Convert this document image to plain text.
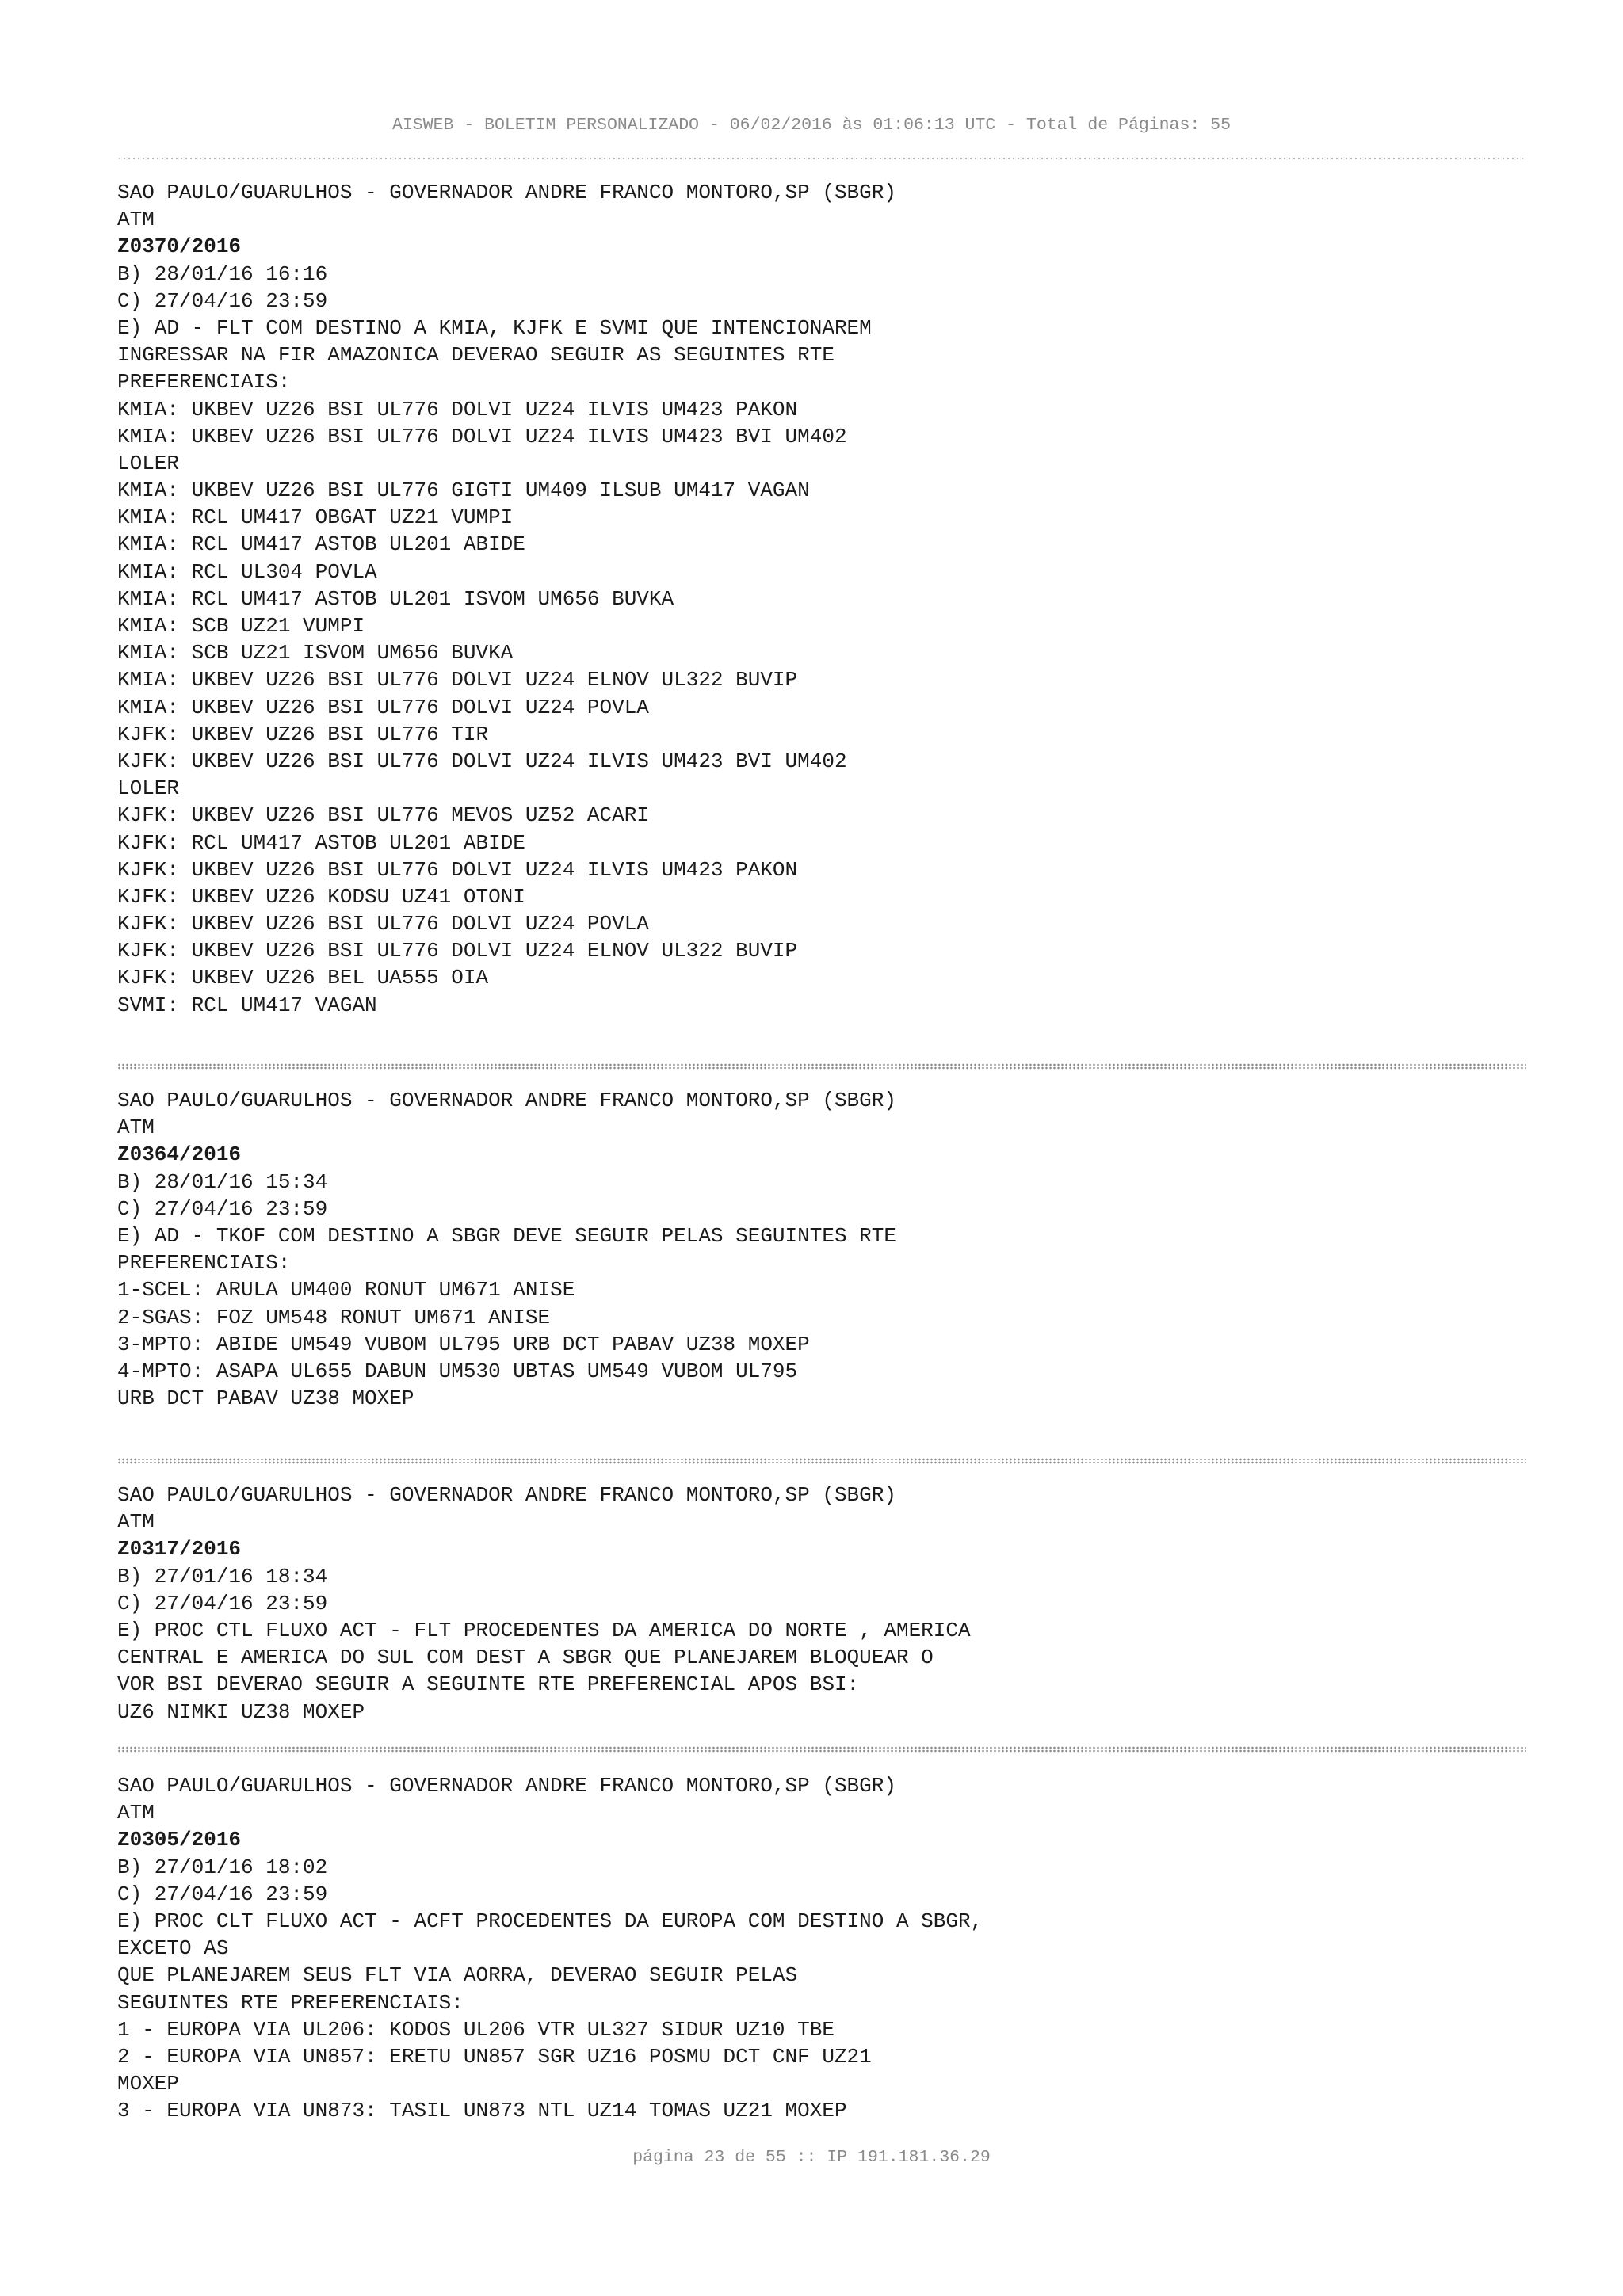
AISWEB - BOLETIM PERSONALIZADO - 06/02/2016 às 01:06:13 UTC - Total de Páginas: 55
SAO PAULO/GUARULHOS - GOVERNADOR ANDRE FRANCO MONTORO,SP (SBGR)
ATM
Z0370/2016
B) 28/01/16 16:16
C) 27/04/16 23:59
E) AD - FLT COM DESTINO A KMIA, KJFK E SVMI QUE INTENCIONAREM
INGRESSAR NA FIR AMAZONICA DEVERAO SEGUIR AS SEGUINTES RTE
PREFERENCIAIS:
KMIA: UKBEV UZ26 BSI UL776 DOLVI UZ24 ILVIS UM423 PAKON
KMIA: UKBEV UZ26 BSI UL776 DOLVI UZ24 ILVIS UM423 BVI UM402
LOLER
KMIA: UKBEV UZ26 BSI UL776 GIGTI UM409 ILSUB UM417 VAGAN
KMIA: RCL UM417 OBGAT UZ21 VUMPI
KMIA: RCL UM417 ASTOB UL201 ABIDE
KMIA: RCL UL304 POVLA
KMIA: RCL UM417 ASTOB UL201 ISVOM UM656 BUVKA
KMIA: SCB UZ21 VUMPI
KMIA: SCB UZ21 ISVOM UM656 BUVKA
KMIA: UKBEV UZ26 BSI UL776 DOLVI UZ24 ELNOV UL322 BUVIP
KMIA: UKBEV UZ26 BSI UL776 DOLVI UZ24 POVLA
KJFK: UKBEV UZ26 BSI UL776 TIR
KJFK: UKBEV UZ26 BSI UL776 DOLVI UZ24 ILVIS UM423 BVI UM402
LOLER
KJFK: UKBEV UZ26 BSI UL776 MEVOS UZ52 ACARI
KJFK: RCL UM417 ASTOB UL201 ABIDE
KJFK: UKBEV UZ26 BSI UL776 DOLVI UZ24 ILVIS UM423 PAKON
KJFK: UKBEV UZ26 KODSU UZ41 OTONI
KJFK: UKBEV UZ26 BSI UL776 DOLVI UZ24 POVLA
KJFK: UKBEV UZ26 BSI UL776 DOLVI UZ24 ELNOV UL322 BUVIP
KJFK: UKBEV UZ26 BEL UA555 OIA
SVMI: RCL UM417 VAGAN
SAO PAULO/GUARULHOS - GOVERNADOR ANDRE FRANCO MONTORO,SP (SBGR)
ATM
Z0364/2016
B) 28/01/16 15:34
C) 27/04/16 23:59
E) AD - TKOF COM DESTINO A SBGR DEVE SEGUIR PELAS SEGUINTES RTE
PREFERENCIAIS:
1-SCEL: ARULA UM400 RONUT UM671 ANISE
2-SGAS: FOZ UM548 RONUT UM671 ANISE
3-MPTO: ABIDE UM549 VUBOM UL795 URB DCT PABAV UZ38 MOXEP
4-MPTO: ASAPA UL655 DABUN UM530 UBTAS UM549 VUBOM UL795
URB DCT PABAV UZ38 MOXEP
SAO PAULO/GUARULHOS - GOVERNADOR ANDRE FRANCO MONTORO,SP (SBGR)
ATM
Z0317/2016
B) 27/01/16 18:34
C) 27/04/16 23:59
E) PROC CTL FLUXO ACT - FLT PROCEDENTES DA AMERICA DO NORTE , AMERICA
CENTRAL E AMERICA DO SUL COM DEST A SBGR QUE PLANEJAREM BLOQUEAR O
VOR BSI DEVERAO SEGUIR A SEGUINTE RTE PREFERENCIAL APOS BSI:
UZ6 NIMKI UZ38 MOXEP
SAO PAULO/GUARULHOS - GOVERNADOR ANDRE FRANCO MONTORO,SP (SBGR)
ATM
Z0305/2016
B) 27/01/16 18:02
C) 27/04/16 23:59
E) PROC CLT FLUXO ACT - ACFT PROCEDENTES DA EUROPA COM DESTINO A SBGR,
EXCETO AS
QUE PLANEJAREM SEUS FLT VIA AORRA, DEVERAO SEGUIR PELAS
SEGUINTES RTE PREFERENCIAIS:
1 - EUROPA VIA UL206: KODOS UL206 VTR UL327 SIDUR UZ10 TBE
2 - EUROPA VIA UN857: ERETU UN857 SGR UZ16 POSMU DCT CNF UZ21
MOXEP
3 - EUROPA VIA UN873: TASIL UN873 NTL UZ14 TOMAS UZ21 MOXEP
página 23 de 55 :: IP 191.181.36.29
